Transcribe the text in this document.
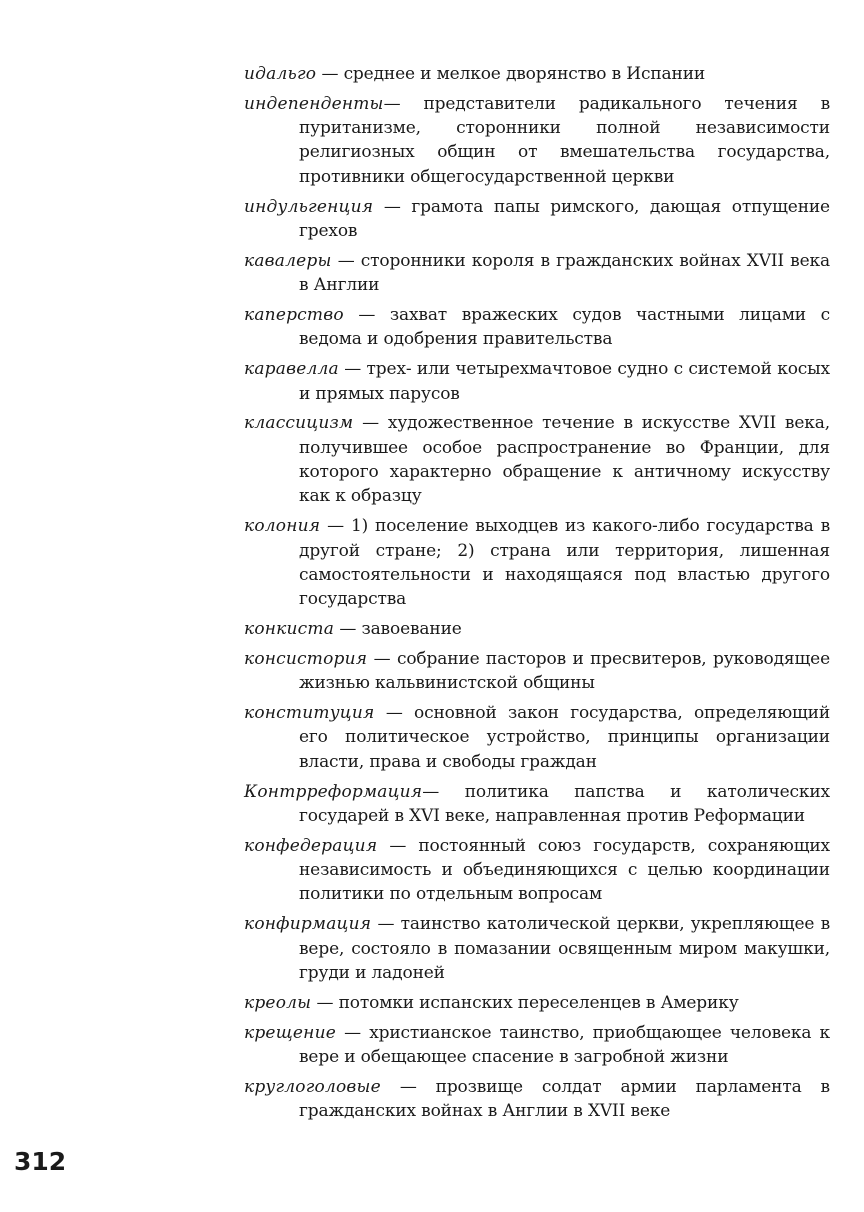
идальго — среднее и мелкое дворянство в Испании
индепенденты— представители радикального течения в пуританизме, сторонники полной независимости религиозных общин от вмешательства государства, противники общегосударственной церкви
индульгенция — грамота папы римского, дающая отпущение грехов
кавалеры — сторонники короля в гражданских войнах XVII века в Англии
каперство — захват вражеских судов частными лицами с ведома и одобрения правительства
каравелла — трех- или четырехмачтовое судно с системой косых и прямых парусов
классицизм — художественное течение в искусстве XVII века, получившее особое распространение во Франции, для которого характерно обращение к античному искусству как к образцу
колония — 1) поселение выходцев из какого-либо государства в другой стране; 2) страна или территория, лишенная самостоятельности и находящаяся под властью другого государства
конкиста — завоевание
консистория — собрание пасторов и пресвитеров, руководящее жизнью кальвинистской общины
конституция — основной закон государства, определяющий его политическое устройство, принципы организации власти, права и свободы граждан
Контрреформация— политика папства и католических государей в XVI веке, направленная против Реформации
конфедерация — постоянный союз государств, сохраняющих независимость и объединяющихся с целью координации политики по отдельным вопросам
конфирмация — таинство католической церкви, укрепляющее в вере, состояло в помазании освященным миром макушки, груди и ладоней
креолы — потомки испанских переселенцев в Америку
крещение — христианское таинство, приобщающее человека к вере и обещающее спасение в загробной жизни
круглоголовые — прозвище солдат армии парламента в гражданских войнах в Англии в XVII веке
312
